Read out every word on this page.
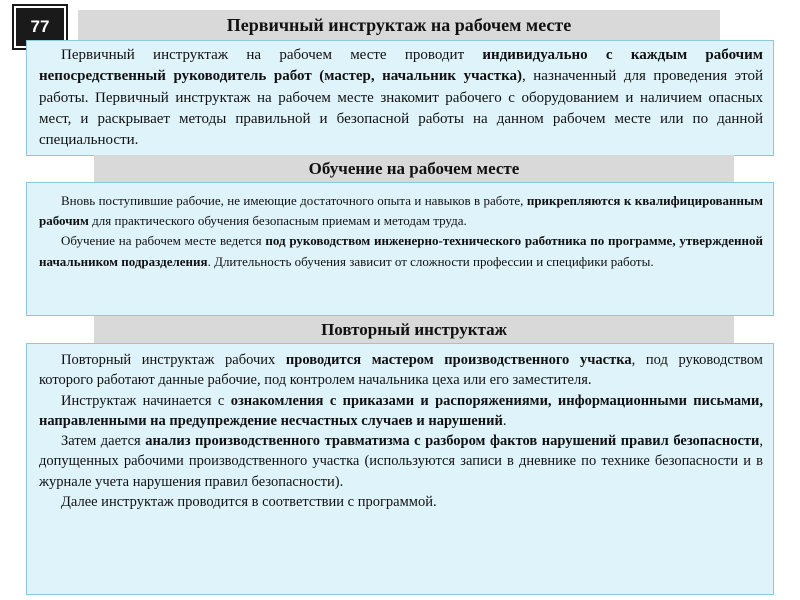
77	Первичный инструктаж на рабочем месте

Первичный инструктаж на рабочем месте проводит индивидуально с каждым рабочим непосредственный руководитель работ (мастер, начальник участка), назначенный для проведения этой работы. Первичный инструктаж на рабочем месте знакомит рабочего с оборудованием и наличием опасных мест, и раскрывает методы правильной и безопасной работы на данном рабочем месте или по данной специальности.

Обучение на рабочем месте

Вновь поступившие рабочие, не имеющие достаточного опыта и навыков в работе, прикрепляются к квалифицированным рабочим для практического обучения безопасным приемам и методам труда.

Обучение на рабочем месте ведется под руководством инженерно-технического работника по программе, утвержденной начальником подразделения. Длительность обучения зависит от сложности профессии и специфики работы.

Повторный инструктаж

Повторный инструктаж рабочих проводится мастером производственного участка, под руководством которого работают данные рабочие, под контролем начальника цеха или его заместителя.

Инструктаж начинается с ознакомления с приказами и распоряжениями, информационными письмами, направленными на предупреждение несчастных случаев и нарушений.

Затем дается анализ производственного травматизма с разбором фактов нарушений правил безопасности, допущенных рабочими производственного участка (используются записи в дневнике по технике безопасности и в журнале учета нарушения правил безопасности).

Далее инструктаж проводится в соответствии с программой.
